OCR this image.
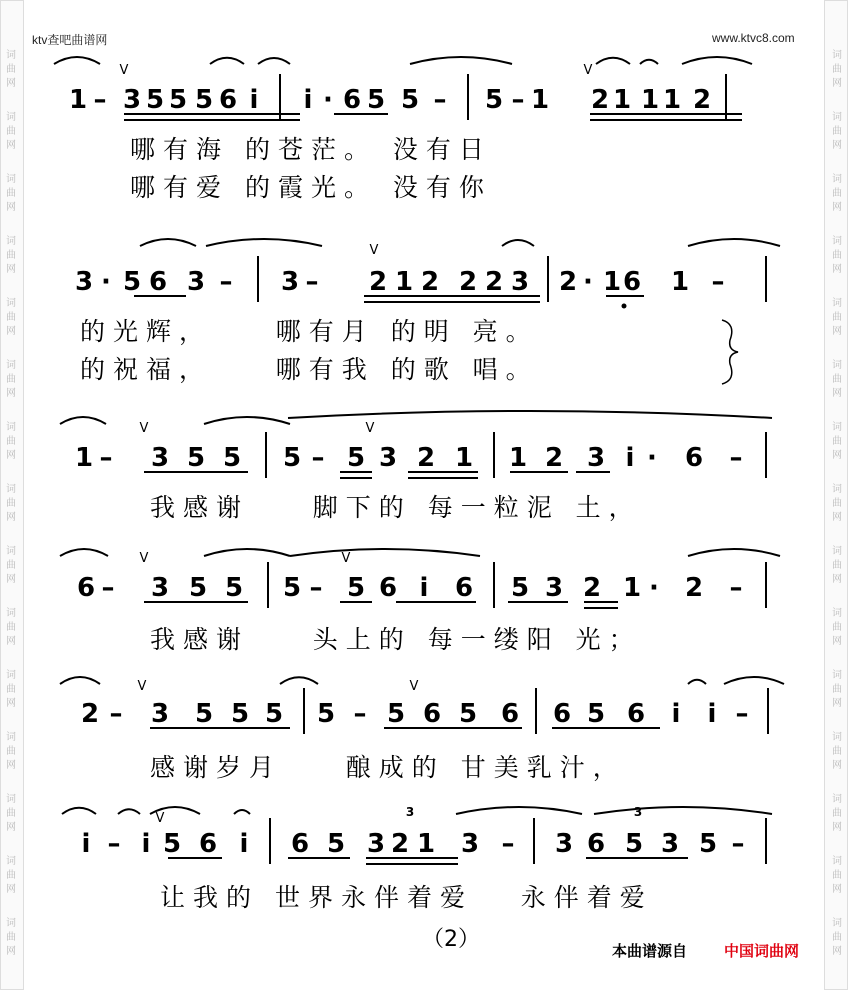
词
曲
网
词
曲
网
词
曲
网
词
曲
网
词
曲
网
词
曲
网
词
曲
网
词
曲
网
词
曲
网
词
曲
网
词
曲
网
词
曲
网
词
曲
网
词
曲
网
词
曲
网
词
曲
网
词
曲
网
词
曲
网
词
曲
网
词
曲
网
词
曲
网
词
曲
网
词
曲
网
词
曲
网
词
曲
网
词
曲
网
词
曲
网
词
曲
网
词
曲
网
词
曲
网
ktv查吧曲谱网	www.ktvc8.com
1 – 3 5 5 5 6 i i · 6 5 5 – 5 – 1 2 1 1 1 2
3 · 5 6 3 – 3 – 2 1 2 2 2 3 2 · 1 6 1 –
1 – 3 5 5 5 – 5 3 2 1 1 2 3 i · 6 –
6 – 3 5 5 5 – 5 6 i 6 5 3 2 1 · 2 –
2 – 3 5 5 5 5 – 5 6 5 6 6 5 6 i i –
i – i 5 6 i 6 5 3 2 1 3 – 3 6 5 3 5 –
V	V
V
V	V
V	V
V	V
V	3	3
哪有海 的苍茫。 没有日
哪有爱 的霞光。 没有你
的光辉，    哪有月 的明 亮。
的祝福，    哪有我 的歌 唱。
我感谢    脚下的 每一粒泥 土，
我感谢    头上的 每一缕阳 光；
感谢岁月    酿成的 甘美乳汁，
让我的 世界永伴着爱   永伴着爱
（2）	本曲谱源自 中国词曲网
